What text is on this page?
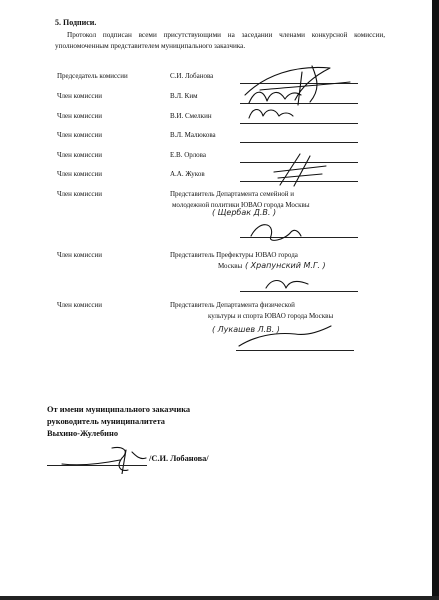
5. Подписи.
Протокол подписан всеми присутствующими на заседании членами конкурсной комиссии, уполномоченным представителем муниципального заказчика.
Председатель комиссии	С.И. Лобанова
Член комиссии	В.Л. Ким
Член комиссии	В.И. Смелкин
Член комиссии	В.Л. Малюкова
Член комиссии	Е.В. Орлова
Член комиссии	А.А. Жуков
Член комиссии	Представитель Департамента семейной и
молодежной политики ЮВАО города Москвы
( Щербак Д.В. )
Член комиссии	Представитель Префектуры ЮВАО города
Москвы ( Храпунский М.Г. )
Член комиссии	Представитель Департамента физической
культуры и спорта ЮВАО города Москвы
( Лукашев Л.В. )
От имени муниципального заказчика
руководитель муниципалитета
Выхино-Жулебино
/С.И. Лобанова/
